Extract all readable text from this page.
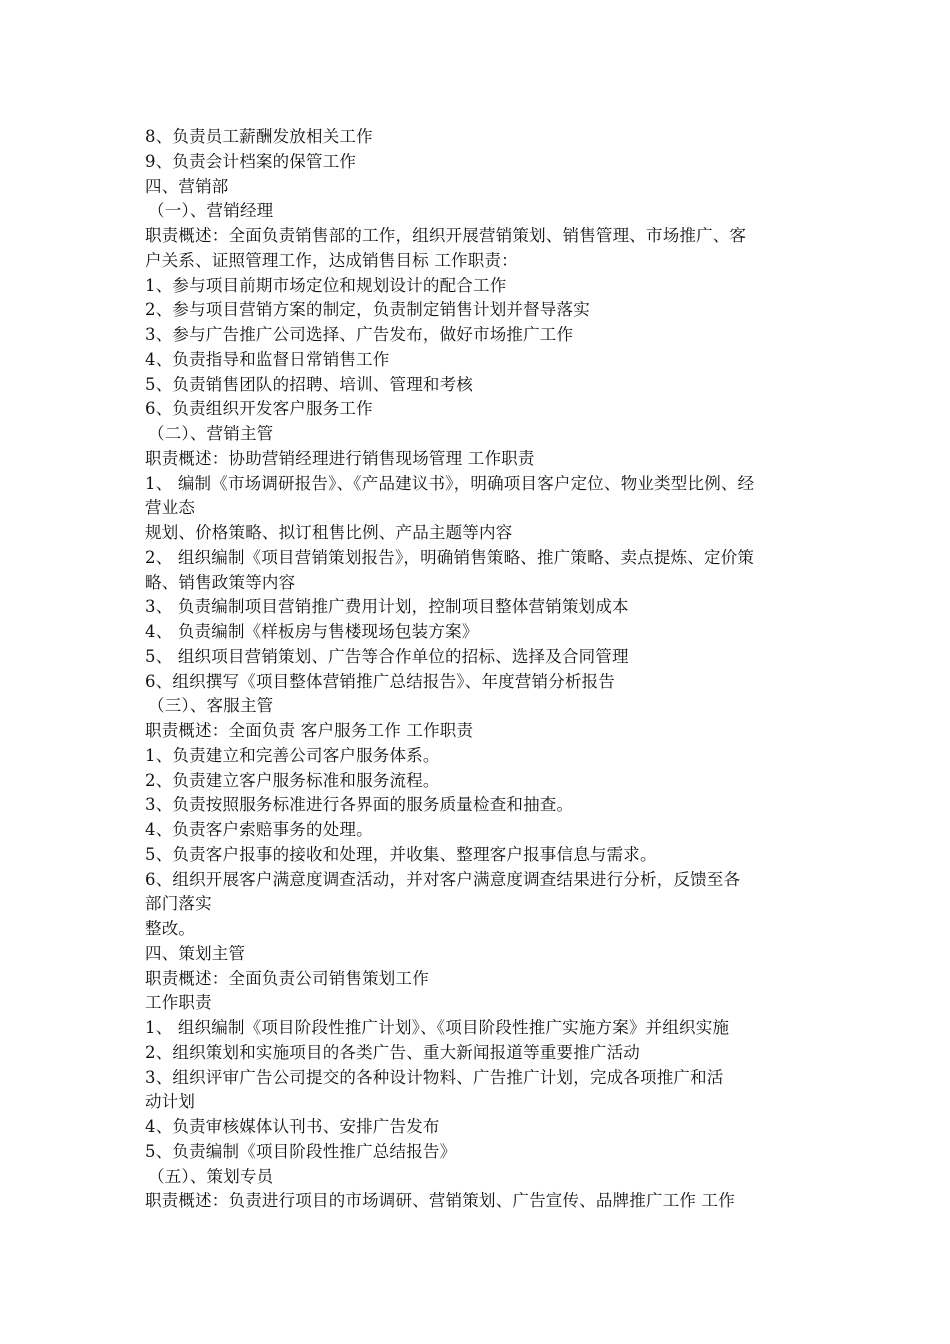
8、负责员工薪酬发放相关工作
9、负责会计档案的保管工作
四、营销部
（一）、营销经理
职责概述：全面负责销售部的工作，组织开展营销策划、销售管理、市场推广、客
户关系、证照管理工作，达成销售目标 工作职责：
1、参与项目前期市场定位和规划设计的配合工作
2、参与项目营销方案的制定，负责制定销售计划并督导落实
3、参与广告推广公司选择、广告发布，做好市场推广工作
4、负责指导和监督日常销售工作
5、负责销售团队的招聘、培训、管理和考核
6、负责组织开发客户服务工作
（二）、营销主管
职责概述：协助营销经理进行销售现场管理 工作职责
1、 编制《市场调研报告》、《产品建议书》，明确项目客户定位、物业类型比例、经
营业态
规划、价格策略、拟订租售比例、产品主题等内容
2、 组织编制《项目营销策划报告》，明确销售策略、推广策略、卖点提炼、定价策
略、销售政策等内容
3、 负责编制项目营销推广费用计划，控制项目整体营销策划成本
4、 负责编制《样板房与售楼现场包装方案》
5、 组织项目营销策划、广告等合作单位的招标、选择及合同管理
6、组织撰写《项目整体营销推广总结报告》、年度营销分析报告
（三）、客服主管
职责概述：全面负责 客户服务工作 工作职责
1、负责建立和完善公司客户服务体系。
2、负责建立客户服务标准和服务流程。
3、负责按照服务标准进行各界面的服务质量检查和抽查。
4、负责客户索赔事务的处理。
5、负责客户报事的接收和处理，并收集、整理客户报事信息与需求。
6、组织开展客户满意度调查活动，并对客户满意度调查结果进行分析，反馈至各
部门落实
整改。
四、策划主管
职责概述：全面负责公司销售策划工作
工作职责
1、 组织编制《项目阶段性推广计划》、《项目阶段性推广实施方案》并组织实施
2、组织策划和实施项目的各类广告、重大新闻报道等重要推广活动
3、组织评审广告公司提交的各种设计物料、广告推广计划，完成各项推广和活
动计划
4、负责审核媒体认刊书、安排广告发布
5、负责编制《项目阶段性推广总结报告》
（五）、策划专员
职责概述：负责进行项目的市场调研、营销策划、广告宣传、品牌推广工作 工作
